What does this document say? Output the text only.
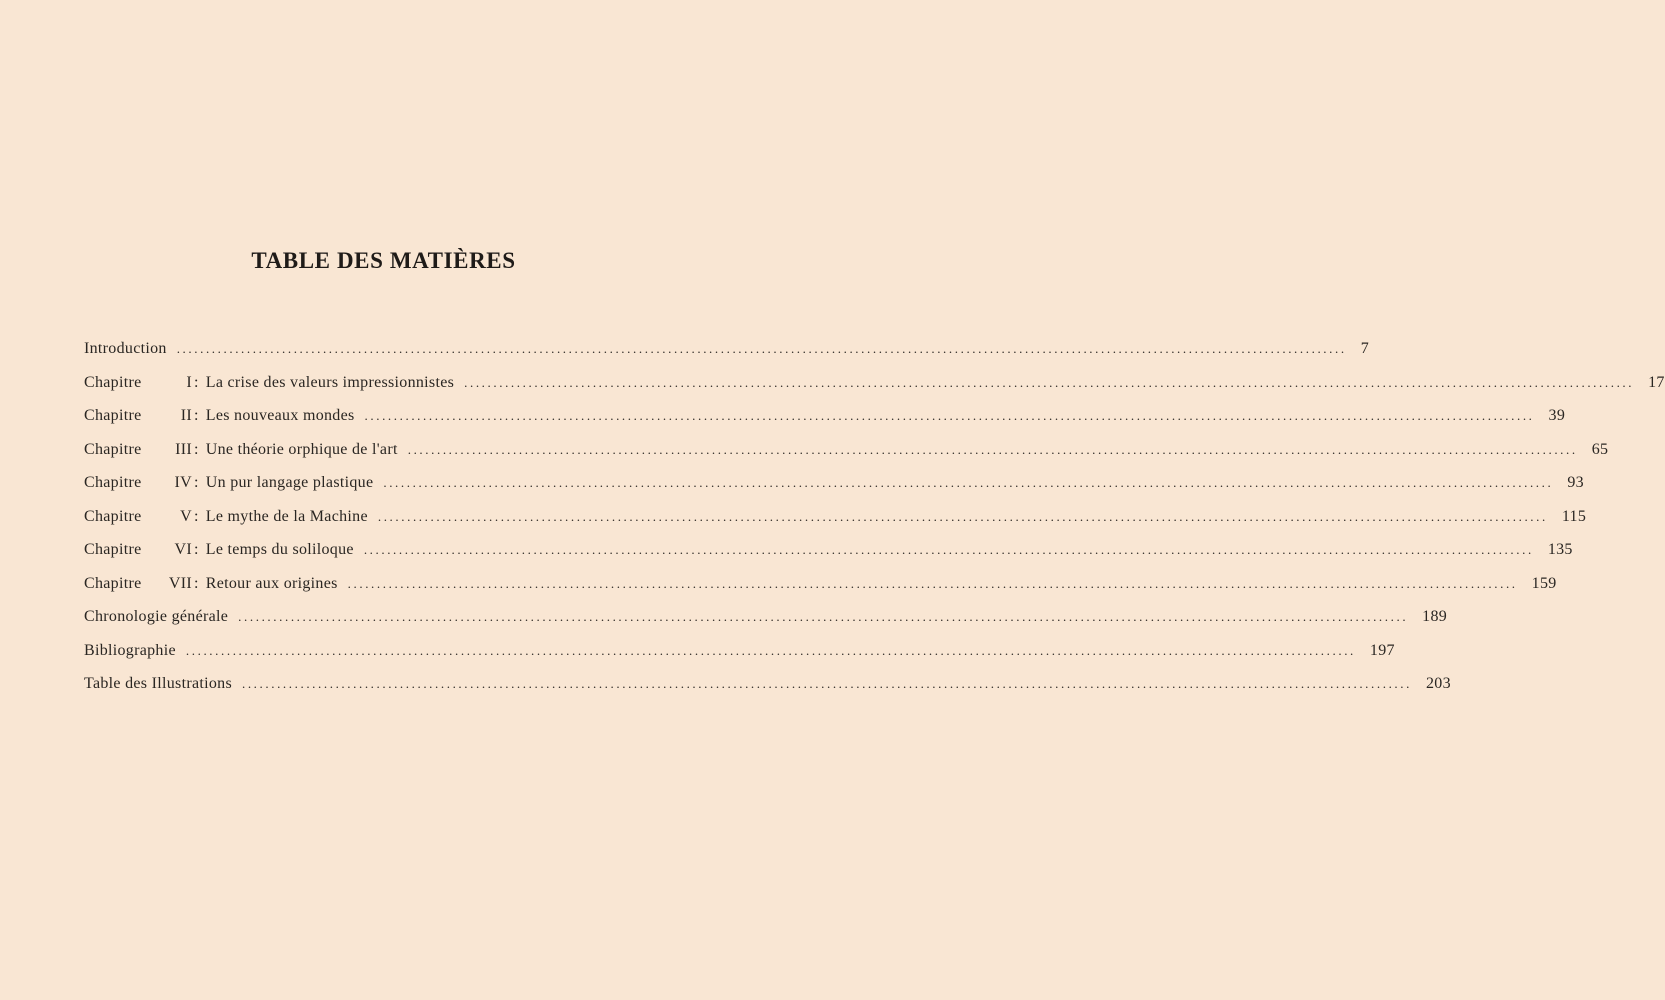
TABLE DES MATIÈRES
Introduction ........................................................................................................................................................................................................ 7
Chapitre	I : La crise des valeurs impressionnistes ........................................................................................................................................................................................................ 17
Chapitre	II : Les nouveaux mondes ........................................................................................................................................................................................................ 39
Chapitre	III : Une théorie orphique de l'art ........................................................................................................................................................................................................ 65
Chapitre	IV : Un pur langage plastique ........................................................................................................................................................................................................ 93
Chapitre	V : Le mythe de la Machine ........................................................................................................................................................................................................ 115
Chapitre	VI : Le temps du soliloque ........................................................................................................................................................................................................ 135
Chapitre	VII : Retour aux origines ........................................................................................................................................................................................................ 159
Chronologie générale ........................................................................................................................................................................................................ 189
Bibliographie ........................................................................................................................................................................................................ 197
Table des Illustrations ........................................................................................................................................................................................................ 203
